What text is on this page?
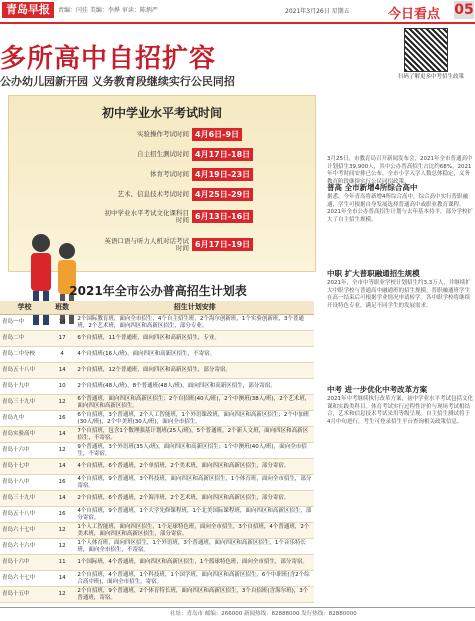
青岛早报	责编：闫佳 美编：李烨 审读：陈炳严	2021年3月26日 星期五	今日看点 05
多所高中自招扩容
公办幼儿园新开园 义务教育段继续实行公民同招	扫码了解更多中考招生政策
初中学业水平考试时间
实验操作考试时间 4月6日-9日
自主招生测试时间 4月17日-18日
体育考试时间 4月19日-23日
艺术、信息技术考试时间 4月25日-29日
初中学业水平考试文化课科目时间 6月13日-16日
英语口语与听力人机对话考试时间 6月17日-19日
2021年全市公办普高招生计划表
学校	班数	招生计划安排
青岛一中	14	2个国际教育班，面向全市招生，4个自主招生班，2个海尔创新班，1个实验创新班，3个普通班，2个艺术班，面向四区和高新区招生，部分专业。
青岛二中	17	6个自招班，11个普通班，面向四区和高新区招生，专业。
青岛二中分校	4	4个自招班(16人/班)，面向四区和高新区招生，不寄宿。
青岛五十八中	14	2个自招班，12个普通班，面向四区和高新区招生，部分寄宿。
青岛十九中	10	2个自招班(48人/班)，8个普通班(48人/班)，面向四区和高新区招生，部分寄宿。
青岛三十九中	12	6个普通班，面向四区和高新区招生；2个自招班(40人/班)，2个中澳班(38人/班)，2个艺术班，面向四区和高新区招生。
青岛九中	16	6个自招班，3个普通班，2个人工智能班，1个外语课改班，面向四区和高新区招生；2个中加班(30人/班)，2个中美班(30人/班)，面向全市招生。
青岛实验高中	14	7个自招班，包含1个数理强基计划班(25人/班)，5个普通班，2个新人文班，面向四区和高新区招生，不寄宿。
青岛十六中	12	9个普通班，3个外语班(35人/班)，面向四区和高新区招生；1个中澳班(40人/班)，面向全市招生，不寄宿。
青岛十七中	14	4个自招班，6个普通班，2个单招班，2个美术班，面向四区和高新区招生，部分寄宿。
青岛十八中	16	4个自招班，9个普通班，3个科技班，面向四区和高新区招生，1个体育班，面向全市招生，部分寄宿。
青岛三十九中	14	2个自招班，6个普通班，2个海洋班，2个艺术班，面向四区和高新区招生，部分寄宿。
青岛五十八中	16	4个自招班，9个普通班，1个大学先修课程班，1个北美国际课程班，面向四区和高新区招生，部分寄宿。
青岛六十七中	12	1个人工智能班，面向四区招生，1个足球特色班，面向全市招生，3个自招班，4个普通班，2个美术班，面向四区和高新区招生，部分寄宿。
青岛六十六中	12	1个人体育班，面向四区招生，1个外语班，3个普通班，面向四区和高新区招生，1个音乐特长班，面向全市招生，不寄宿。
青岛十六中	11	1个国际班，4个普通班，面向四区和高新区招生，1个篮球特色班，面向全市招生，部分寄宿。
青岛六十七中	14	2个自招班，4个普通班，1个科技班，1个国学班，面向四区和高新区招生，6个中职班(含2个综合高中班)，面向全市招生，寄宿。
青岛十五中	12	2个自招班，9个普通班，2个体育特长班，面向四区和高新区招生，3个自招班(含海尔班)，3个普通班，寄宿。
3月25日，市教育局召开新闻发布会，2021年全市普通高中计划招生39,900人，其中公办普高招生占比约68%。2021年中考时间安排已公布，全市小学入学人数总体稳定，义务教育阶段继续实行公民同招政策。
普高 全市新增4所综合高中
据悉，今年青岛将新增4所综合高中，综合高中实行普职融通，学生可根据自身发展选择普通高中或职业教育课程。2021年全市公办普高招生计划与去年基本持平，部分学校扩大了自主招生规模。
中职 扩大普职融通招生规模
2021年，全市中等职业学校计划招生约3.3万人，并继续扩大中职学校与普通高中融通班的招生规模。普职融通班学生在高一结束后可根据学业情况申请转学。各中职学校将继续开设特色专业，满足不同学生的发展需求。
中考 进一步优化中考改革方案
2021年中考继续执行改革方案，初中学业水平考试包括文化课和实践类科目。体育考试实行过程性评价与现场考试相结合，艺术和信息技术考试采用等级呈现。自主招生测试将于4月中旬进行，考生可登录招生平台查询相关政策信息。
社址：青岛市 邮编：266000 新闻热线：82888000 发行热线：82880000
